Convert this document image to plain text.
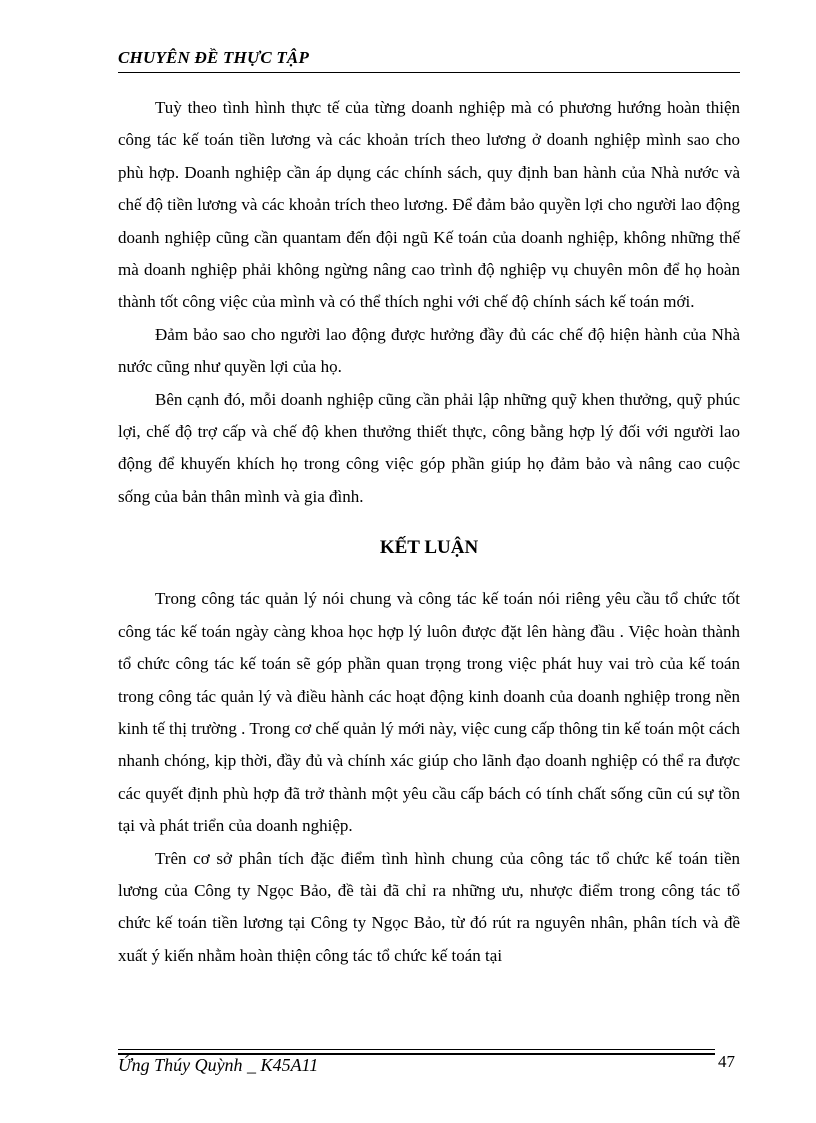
CHUYÊN ĐỀ THỰC TẬP

Tuỳ theo tình hình thực tế của từng doanh nghiệp mà có phương hướng hoàn thiện công tác kế toán tiền lương và các khoản trích theo lương ở doanh nghiệp mình sao cho phù hợp. Doanh nghiệp cần áp dụng các chính sách, quy định ban hành của Nhà nước và chế độ tiền lương và các khoản trích theo lương. Để đảm bảo quyền lợi cho người lao động doanh nghiệp cũng cần quantam đến đội ngũ Kế toán của doanh nghiệp, không những thế mà doanh nghiệp phải không ngừng nâng cao trình độ nghiệp vụ chuyên môn để họ hoàn thành tốt công việc của mình và có thể thích nghi với chế độ chính sách kế toán mới.

Đảm bảo sao cho người lao động được hưởng đầy đủ các chế độ hiện hành của Nhà nước cũng như quyền lợi của họ.

Bên cạnh đó, mỗi doanh nghiệp cũng cần phải lập những quỹ khen thưởng, quỹ phúc lợi, chế độ trợ cấp và chế độ khen thưởng thiết thực, công bằng hợp lý đối với người lao động để khuyến khích họ trong công việc góp phần giúp họ đảm bảo và nâng cao cuộc sống của bản thân mình và gia đình.

KẾT LUẬN

Trong công tác quản lý nói chung và công tác kế toán nói riêng yêu cầu tổ chức tốt công tác kế toán ngày càng khoa học hợp lý luôn được đặt lên hàng đầu . Việc hoàn thành tổ chức công tác kế toán sẽ góp phần quan trọng trong việc phát huy vai trò của kế toán trong công tác quản lý và điều hành các hoạt động kinh doanh của doanh nghiệp trong nền kinh tế thị trường . Trong cơ chế quản lý mới này, việc cung cấp thông tin kế toán một cách nhanh chóng, kịp thời, đầy đủ và chính xác giúp cho lãnh đạo doanh nghiệp có thể ra được các quyết định phù hợp đã trở thành một yêu cầu cấp bách có tính chất sống cũn cú sự tồn tại và phát triển của doanh nghiệp.

Trên cơ sở phân tích đặc điểm tình hình chung của công tác tổ chức kế toán tiền lương của Công ty Ngọc Bảo, đề tài đã chỉ ra những ưu, nhược điểm trong công tác tổ chức kế toán tiền lương tại Công ty Ngọc Bảo, từ đó rút ra nguyên nhân, phân tích và đề xuất ý kiến nhằm hoàn thiện công tác tổ chức kế toán tại

Ứng Thúy Quỳnh _ K45A11	47
